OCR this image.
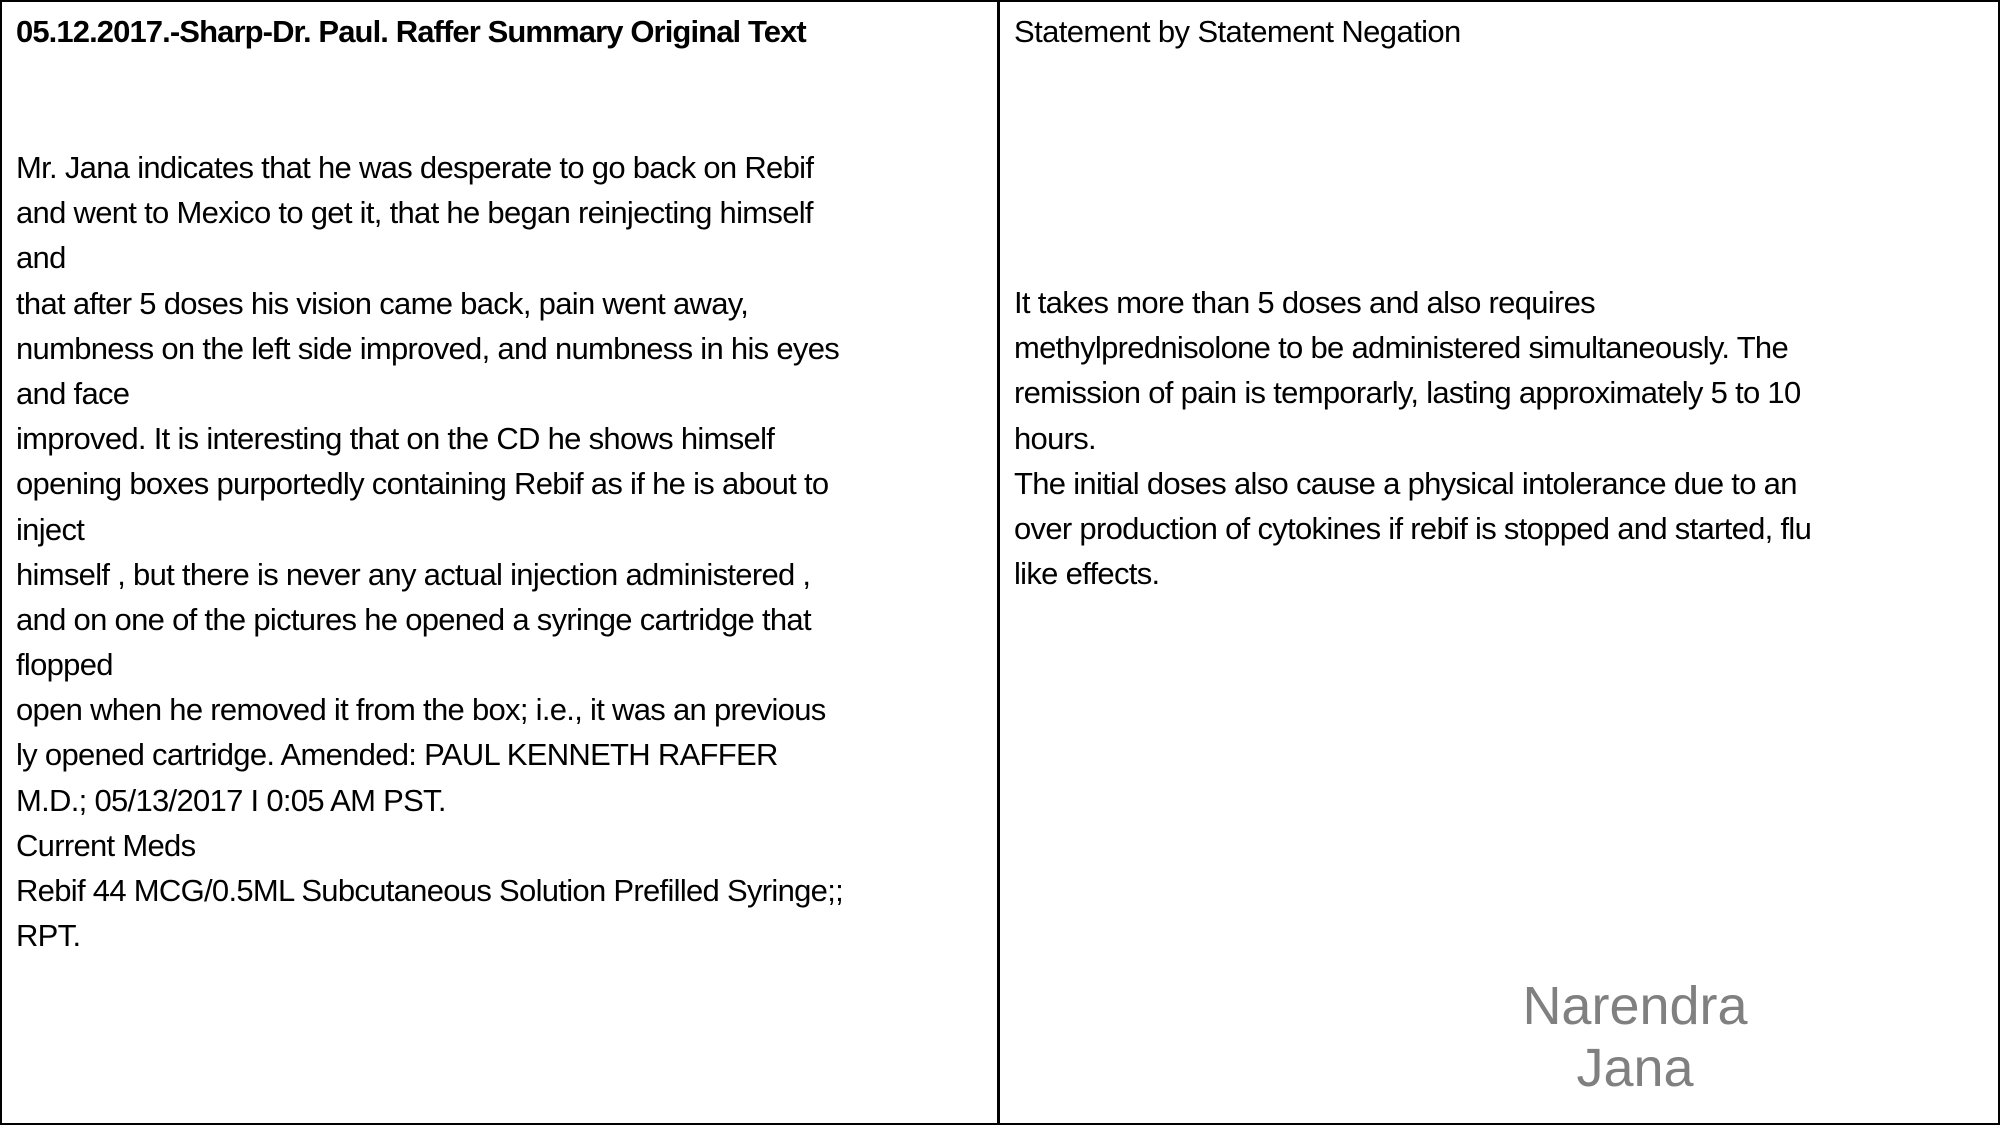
05.12.2017.-Sharp-Dr. Paul. Raffer Summary Original Text
Mr. Jana indicates that he was desperate to go back on Rebif
and went to Mexico to get it, that he began reinjecting himself
and
that after 5 doses his vision came back, pain went away,
numbness on the left side improved, and numbness in his eyes
and face
improved. It is interesting that on the CD he shows himself
opening boxes purportedly containing Rebif as if he is about to
inject
himself , but there is never any actual injection administered ,
and on one of the pictures he opened a syringe cartridge that
flopped
open when he removed it from the box; i.e., it was an previous
ly opened cartridge. Amended: PAUL KENNETH RAFFER
M.D.; 05/13/2017 I 0:05 AM PST.
Current Meds
Rebif 44 MCG/0.5ML Subcutaneous Solution Prefilled Syringe;;
RPT.
Statement by Statement Negation
It takes more than 5 doses and also requires
methylprednisolone to be administered simultaneously. The
remission of pain is temporarly, lasting approximately 5 to 10
hours.
The initial doses also cause a physical intolerance due to an
over production of cytokines if rebif is stopped and started, flu
like effects.
Narendra
Jana
